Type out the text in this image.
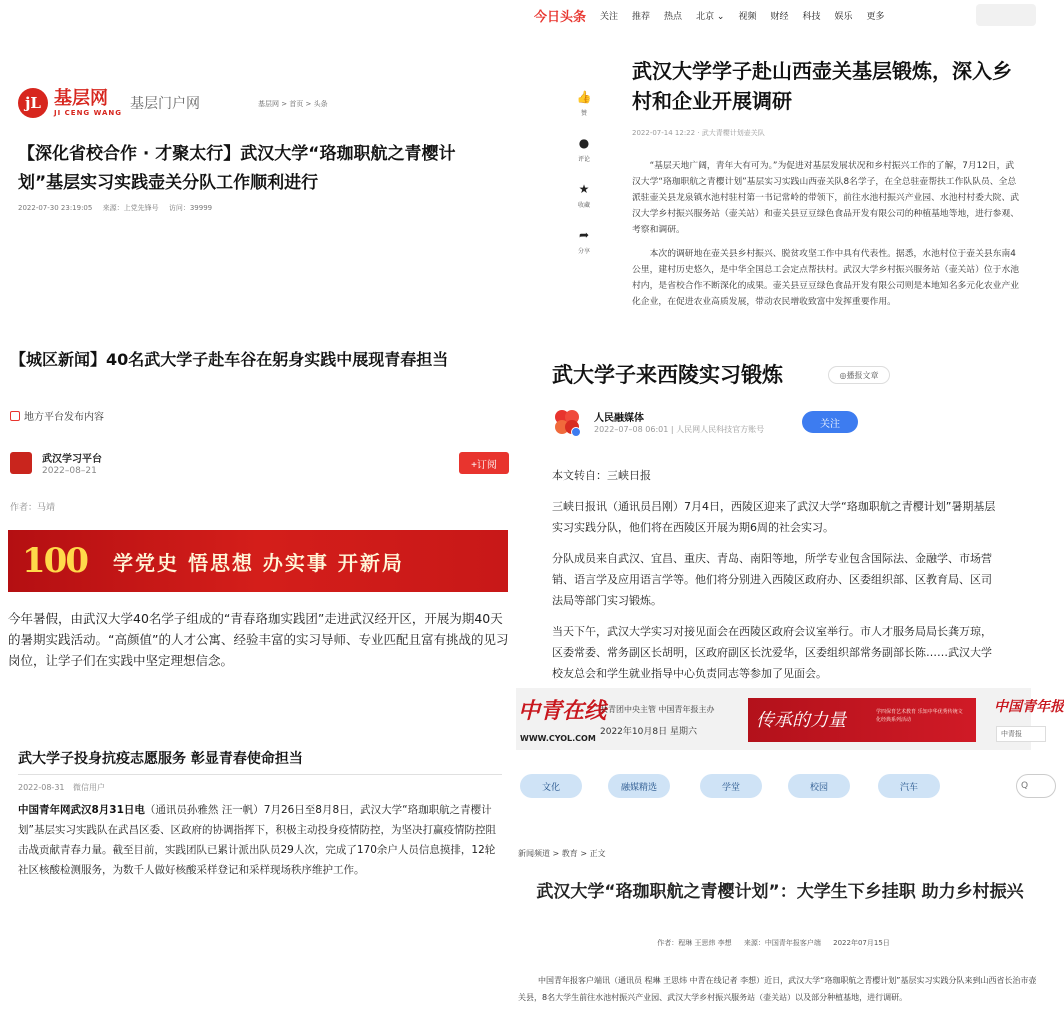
jL 基层网
JI CENG WANG
基层门户网	基层网 > 首页 > 头条
【深化省校合作 · 才聚太行】武汉大学“珞珈职航之青樱计划”基层实习实践壶关分队工作顺利进行
2022-07-30 23:19:05 来源：上党先锋号 访问：39999
今日头条 关注 推荐 热点 北京 ⌄ 视频 财经 科技 娱乐 更多
👍
赞
●
评论
★
收藏
➦
分享
武汉大学学子赴山西壶关基层锻炼，深入乡村和企业开展调研
2022-07-14 12:22 · 武大青樱计划壶关队

“基层天地广阔，青年大有可为。”为促进对基层发展状况和乡村振兴工作的了解，7月12日，武汉大学“珞珈职航之青樱计划”基层实习实践山西壶关队8名学子，在全总驻壶帮扶工作队队员、全总派驻壶关县龙泉镇水池村驻村第一书记常岭的带领下，前往水池村振兴产业园、水池村村委大院、武汉大学乡村振兴服务站（壶关站）和壶关县豆豆绿色食品开发有限公司的种植基地等地，进行参观、考察和调研。

本次的调研地在壶关县乡村振兴、脱贫攻坚工作中具有代表性。据悉，水池村位于壶关县东南4公里，建村历史悠久，是中华全国总工会定点帮扶村。武汉大学乡村振兴服务站（壶关站）位于水池村内，是省校合作不断深化的成果。壶关县豆豆绿色食品开发有限公司则是本地知名多元化农业产业化企业，在促进农业高质发展，带动农民增收致富中发挥重要作用。

【城区新闻】40名武大学子赴车谷在躬身实践中展现青春担当
地方平台发布内容
武汉学习平台
2022–08–21
+订阅
作者：马靖
100 学党史 悟思想 办实事 开新局
今年暑假，由武汉大学40名学子组成的“青春珞珈实践团”走进武汉经开区，开展为期40天的暑期实践活动。“高颜值”的人才公寓、经验丰富的实习导师、专业匹配且富有挑战的见习岗位，让学子们在实践中坚定理想信念。
武大学子来西陵实习锻炼	◎播报文章
人民融媒体
2022–07–08 06:01 | 人民网人民科技官方账号	关注

本文转自：三峡日报

三峡日报讯（通讯员吕刚）7月4日，西陵区迎来了武汉大学“珞珈职航之青樱计划”暑期基层实习实践分队，他们将在西陵区开展为期6周的社会实习。

分队成员来自武汉、宜昌、重庆、青岛、南阳等地，所学专业包含国际法、金融学、市场营销、语言学及应用语言学等。他们将分别进入西陵区政府办、区委组织部、区教育局、区司法局等部门实习锻炼。

当天下午，武汉大学实习对接见面会在西陵区政府会议室举行。市人才服务局局长龚万琼，区委常委、常务副区长胡明，区政府副区长沈爱华，区委组织部常务副部长陈……武汉大学校友总会和学生就业指导中心负责同志等参加了见面会。

武大学子投身抗疫志愿服务 彰显青春使命担当
2022-08-31 微信用户
中国青年网武汉8月31日电（通讯员孙雅然 汪一帆）7月26日至8月8日，武汉大学“珞珈职航之青樱计划”基层实习实践队在武昌区委、区政府的协调指挥下，积极主动投身疫情防控，为坚决打赢疫情防控阻击战贡献青春力量。截至目前，实践团队已累计派出队员29人次，完成了170余户人员信息摸排，12轮社区核酸检测服务，为数千人做好核酸采样登记和采样现场秩序维护工作。
中青在线
WWW.CYOL.COM
共青团中央主管 中国青年报主办
2022年10月8日 星期六
传承的力量	学四保育艺术教育 乐知中华优秀传统文化经典系列活动
中国青年报
中青报
文化	融媒精选	学堂	校园	汽车	Q
新闻频道 > 教育 > 正文
武汉大学“珞珈职航之青樱计划”：大学生下乡挂职 助力乡村振兴
作者：程琳 王思炜 李想 来源：中国青年报客户端 2022年07月15日
中国青年报客户端讯（通讯员 程琳 王思炜 中青在线记者 李想）近日，武汉大学“珞珈职航之青樱计划”基层实习实践分队来到山西省长治市壶关县，8名大学生前往水池村振兴产业园、武汉大学乡村振兴服务站（壶关站）以及部分种植基地，进行调研。
